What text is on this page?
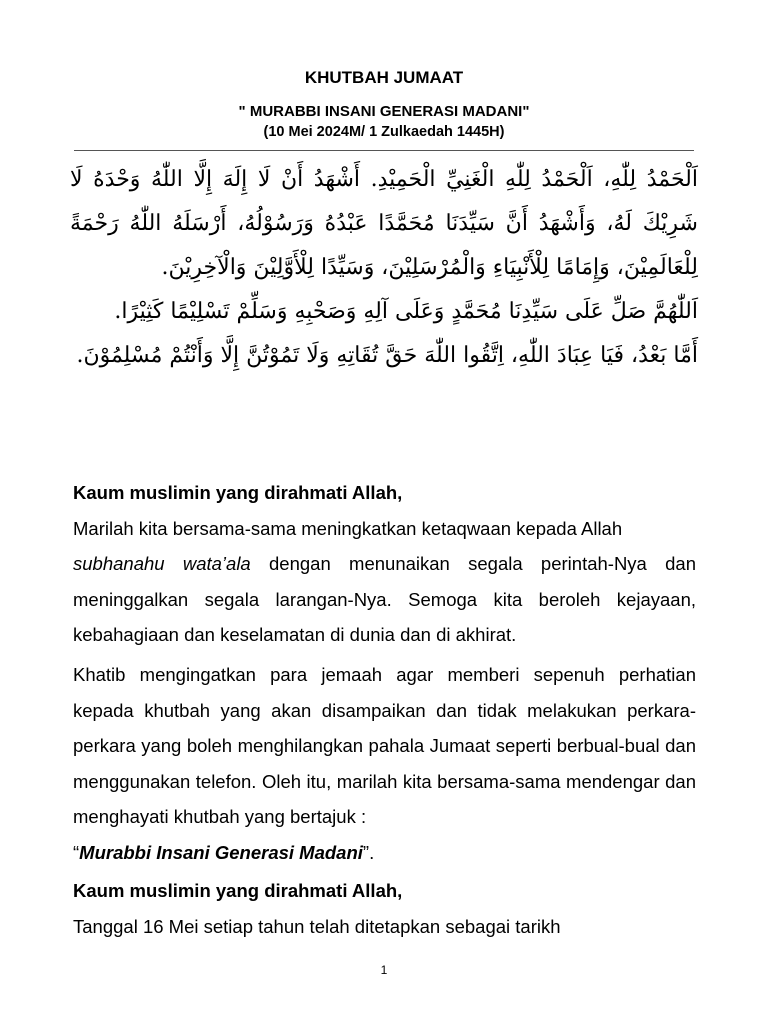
KHUTBAH JUMAAT
" MURABBI INSANI GENERASI MADANI"
(10 Mei 2024M/ 1 Zulkaedah 1445H)

اَلْحَمْدُ لِلّٰهِ، اَلْحَمْدُ لِلّٰهِ الْغَنِيِّ الْحَمِيْدِ. أَشْهَدُ أَنْ لَا إِلَهَ إِلَّا اللّٰهُ وَحْدَهُ لَا شَرِيْكَ لَهُ، وَأَشْهَدُ أَنَّ سَيِّدَنَا مُحَمَّدًا عَبْدُهُ وَرَسُوْلُهُ، أَرْسَلَهُ اللّٰهُ رَحْمَةً لِلْعَالَمِيْنَ، وَإِمَامًا لِلْأَنْبِيَاءِ وَالْمُرْسَلِيْنَ، وَسَيِّدًا لِلْأَوَّلِيْنَ وَالْآخِرِيْنَ.

اَللّٰهُمَّ صَلِّ عَلَى سَيِّدِنَا مُحَمَّدٍ وَعَلَى آلِهِ وَصَحْبِهِ وَسَلِّمْ تَسْلِيْمًا كَثِيْرًا.

أَمَّا بَعْدُ، فَيَا عِبَادَ اللّٰهِ، اِتَّقُوا اللّٰهَ حَقَّ تُقَاتِهِ وَلَا تَمُوْتُنَّ إِلَّا وَأَنْتُمْ مُسْلِمُوْنَ.

Kaum muslimin yang dirahmati Allah,

Marilah kita bersama-sama meningkatkan ketaqwaan kepada Allah
subhanahu wata’ala dengan menunaikan segala perintah-Nya dan meninggalkan segala larangan-Nya. Semoga kita beroleh kejayaan, kebahagiaan dan keselamatan di dunia dan di akhirat.

Khatib mengingatkan para jemaah agar memberi sepenuh perhatian kepada khutbah yang akan disampaikan dan tidak melakukan perkara-perkara yang boleh menghilangkan pahala Jumaat seperti berbual-bual dan menggunakan telefon. Oleh itu, marilah kita bersama-sama mendengar dan menghayati khutbah yang bertajuk :
“Murabbi Insani Generasi Madani”.

Kaum muslimin yang dirahmati Allah,

Tanggal 16 Mei setiap tahun telah ditetapkan sebagai tarikh

1
